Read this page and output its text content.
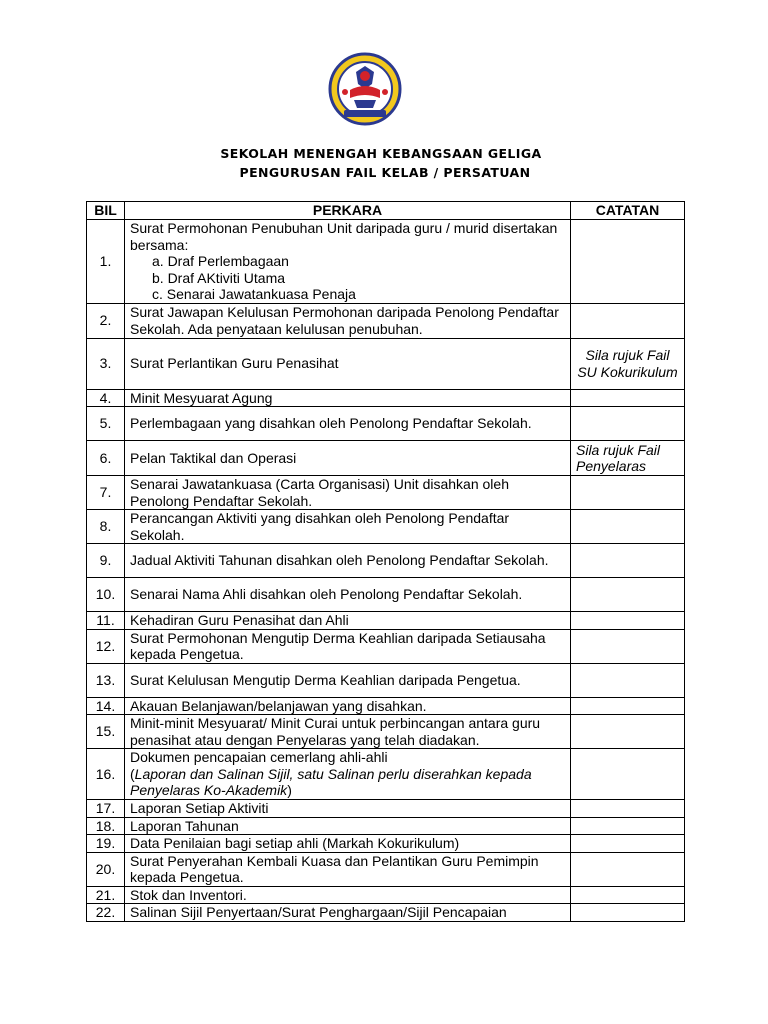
SEKOLAH MENENGAH KEBANGSAAN GELIGA
PENGURUSAN FAIL KELAB / PERSATUAN
BIL	PERKARA	CATATAN
1.	Surat Permohonan Penubuhan Unit daripada guru / murid disertakan bersama:
a. Draf Perlembagaan
b. Draf AKtiviti Utama
c. Senarai Jawatankuasa Penaja	

2.	Surat Jawapan Kelulusan Permohonan daripada Penolong Pendaftar Sekolah. Ada penyataan kelulusan penubuhan.	
3.	Surat Perlantikan Guru Penasihat	Sila rujuk Fail SU Kokurikulum
4.	Minit Mesyuarat Agung	
5.	Perlembagaan yang disahkan oleh Penolong Pendaftar Sekolah.	
6.	Pelan Taktikal dan Operasi	Sila rujuk Fail Penyelaras
7.	Senarai Jawatankuasa (Carta Organisasi) Unit disahkan oleh Penolong Pendaftar Sekolah.	
8.	Perancangan Aktiviti yang disahkan oleh Penolong Pendaftar Sekolah.	
9.	Jadual Aktiviti Tahunan disahkan oleh Penolong Pendaftar Sekolah.	
10.	Senarai Nama Ahli disahkan oleh Penolong Pendaftar Sekolah.	
11.	Kehadiran Guru Penasihat dan Ahli	
12.	Surat Permohonan Mengutip Derma Keahlian daripada Setiausaha kepada Pengetua.	
13.	Surat Kelulusan Mengutip Derma Keahlian daripada Pengetua.	
14.	Akauan Belanjawan/belanjawan yang disahkan.	
15.	Minit-minit Mesyuarat/ Minit Curai untuk perbincangan antara guru penasihat atau dengan Penyelaras yang telah diadakan.	
16.	Dokumen pencapaian cemerlang ahli-ahli
(Laporan dan Salinan Sijil, satu Salinan perlu diserahkan kepada Penyelaras Ko-Akademik)	
17.	Laporan Setiap Aktiviti	
18.	Laporan Tahunan	
19.	Data Penilaian bagi setiap ahli (Markah Kokurikulum)	
20.	Surat Penyerahan Kembali Kuasa dan Pelantikan Guru Pemimpin kepada Pengetua.	
21.	Stok dan Inventori.	
22.	Salinan Sijil Penyertaan/Surat Penghargaan/Sijil Pencapaian	
